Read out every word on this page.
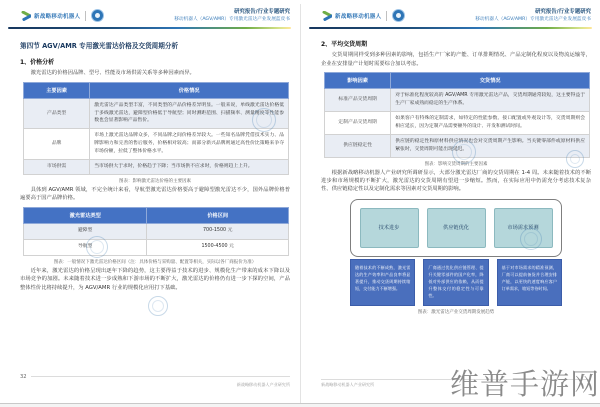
新战略移动机器人
研究报告/行业专题研究
移动机器人（AGV/AMR）专用激光雷达产业发展蓝皮书
第四节 AGV/AMR 专用激光雷达价格及交货周期分析
1、价格分析

激光雷达的价格因品牌、型号、性能及市场供需关系等多种因素而异。

主要因素	价格情况
产品类型	激光雷达产品类型丰富，不同类型的产品价格差异明显。一般来说，单线激光雷达价格低于多线激光雷达，避障型价格低于导航型；同时测距范围、扫描频率、测量精度等性能参数也会显著影响产品售价。
品牌	市场上激光雷达品牌众多，不同品牌之间价格差异较大。一些知名品牌凭借技术实力、品牌影响力和完善的售后服务，价格相对较高；而部分新兴品牌则通过高性价比策略来争夺市场份额，拉低了整体价格水平。
市场供需	当市场供大于求时，价格趋于下降；当市场供不应求时，价格则趋上上升。
图表：影响激光雷达价格的主要因素

具体到 AGV/AMR 领域，不完全统计来看，导航型激光雷达价格要高于避障型激光雷达不少，国外品牌价格普遍要高于国产品牌价格。

激光雷达类型	价格区间
避障型	700-1500 元
导航型	1500-4500 元
图表：一般情况下激光雷达价格区间（注：具体价格与采购量、配置等相关，实际以各厂商报价为准）

近年来，激光雷达的价格呈现出逐年下降的趋势，这主要得益于技术的进步、规模化生产带来的成本下降以及市场竞争的加剧。未来随着技术进一步成熟和下游市场的不断扩大，激光雷达的价格仍有进一步下探的空间，产品整体性价比将持续提升，为 AGV/AMR 行业的规模化应用打下基础。

32
新战略移动机器人产业研究所
新战略移动机器人
研究报告/行业专题研究
移动机器人（AGV/AMR）专用激光雷达产业发展蓝皮书
2、平均交货周期

交货周期同样受到多种因素的影响，包括生产厂家的产能、订单排期情况、产品定制化程度以及物流运输等，企业在安排量产计划时需要综合加以考虑。

影响因素	交货情况
标准产品交货周期	对于标准化程度较高的 AGV/AMR 专用激光雷达产品，交货周期通常较短，这主要得益于生产厂家成熟而稳定的生产体系。
定制产品交货周期	如果客户有特殊的定制需求，如特定的性能参数、接口配置或外观设计等，交货周期则会相应延长，因为定制产品需要额外的设计、开发和测试时间。
供应链稳定性	供应链的稳定性和原材料供应情况也会对交货周期产生影响。当关键零部件或原材料供应紧张时，交货周期可能出现延迟。
图表：影响交货周期的主要因素

根据新战略移动机器人产业研究所调研显示，大部分激光雷达厂商的交货周期在 1-4 周。未来随着技术的不断进步和市场规模的不断扩大，激光雷达的交货周期有望进一步缩短。然而，在实际应用中仍需充分考虑技术复杂性、供应链稳定性以及定制化需求等因素对交货周期的影响。

技术进步	供应链优化	市场需求预测
随着技术的不断成熟，激光雷达的生产效率和产品良率将显著提升，推动交货周期持续缩短，交付能力不断增强。
厂商通过优化供应链管理、提升关键零部件的国产化率，降低对外部供应的依赖，从而提升整体交付的稳定性与可靠性。
基于对市场需求的精准预测，厂商可以提前备货并合理安排产能，以更快的速度响应客户订单需求，缩短等待时间。
图表：激光雷达产业交货周期发展趋势
新战略移动机器人产业研究所	维普手游网
